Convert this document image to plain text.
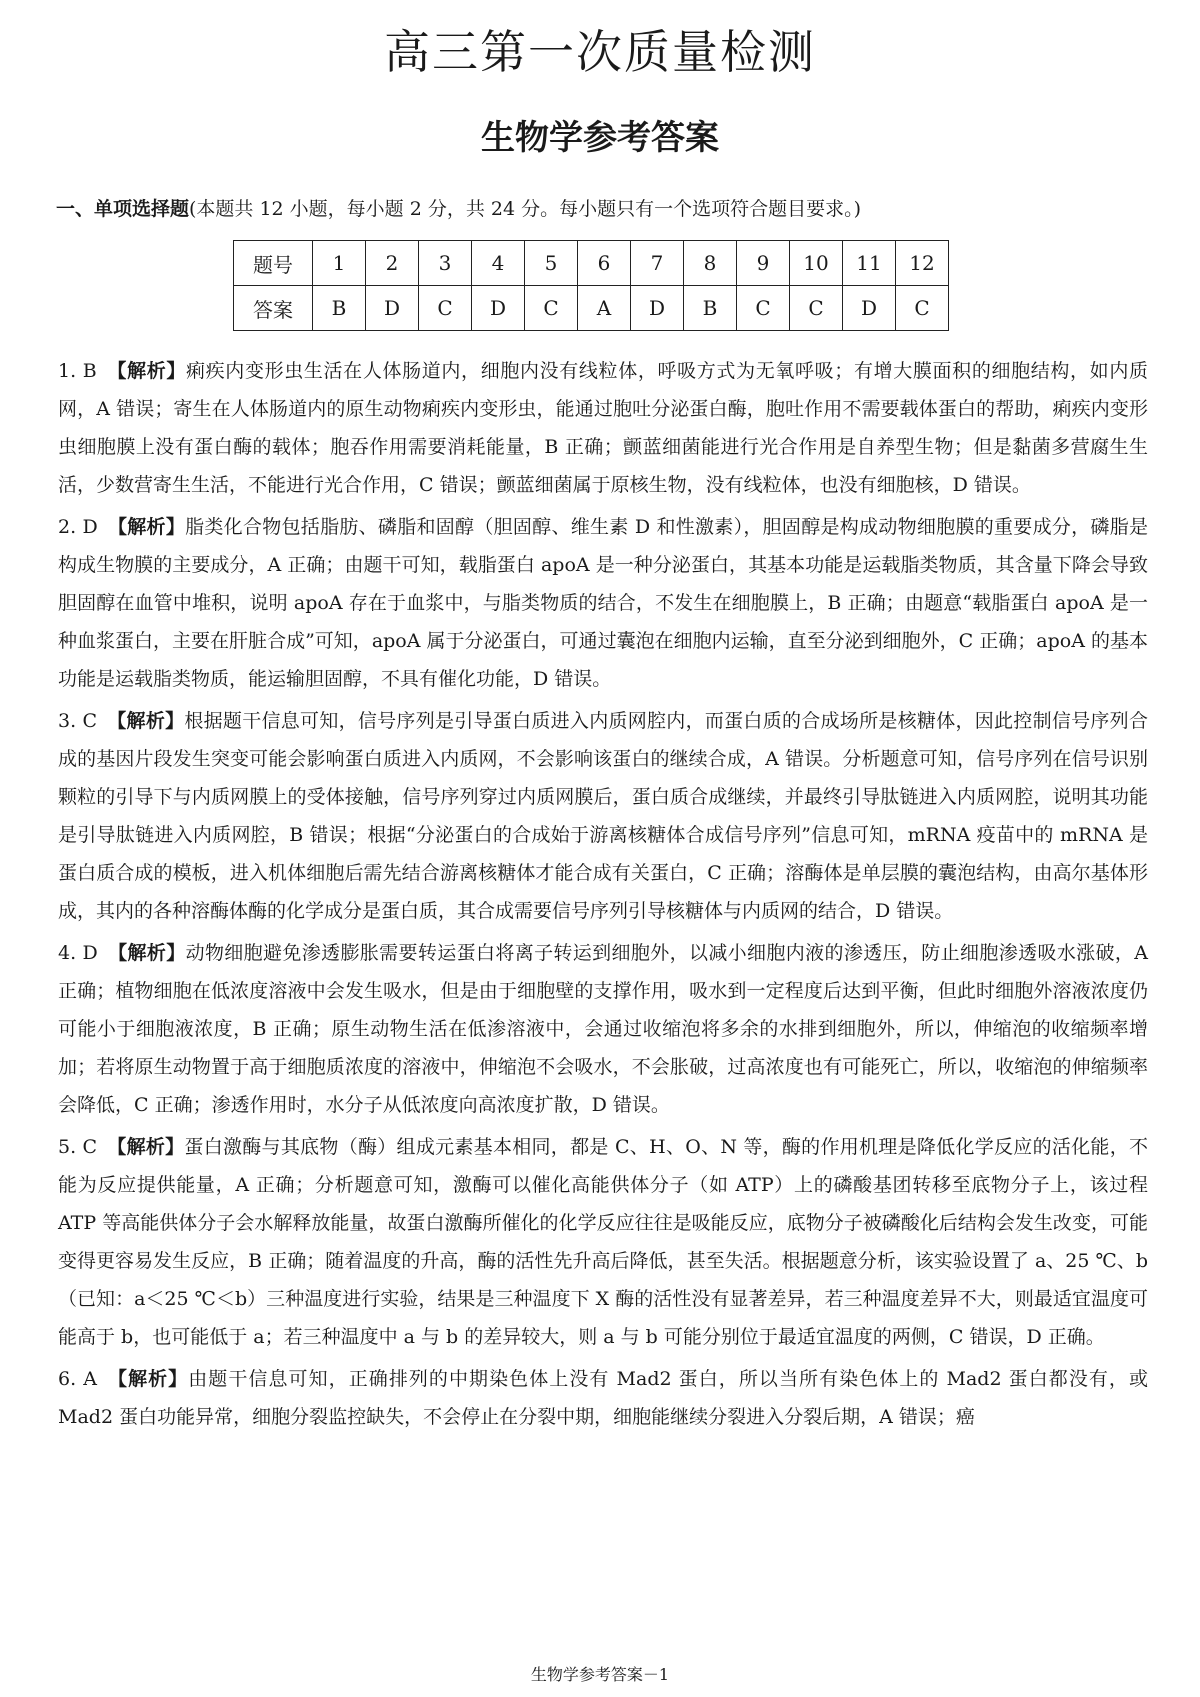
高三第一次质量检测
生物学参考答案
一、单项选择题(本题共 12 小题，每小题 2 分，共 24 分。每小题只有一个选项符合题目要求。)
题号	1	2	3	4	5	6	7	8	9	10	11	12
答案	B	D	C	D	C	A	D	B	C	C	D	C

1. B 【解析】痢疾内变形虫生活在人体肠道内，细胞内没有线粒体，呼吸方式为无氧呼吸；有增大膜面积的细胞结构，如内质网，A 错误；寄生在人体肠道内的原生动物痢疾内变形虫，能通过胞吐分泌蛋白酶，胞吐作用不需要载体蛋白的帮助，痢疾内变形虫细胞膜上没有蛋白酶的载体；胞吞作用需要消耗能量，B 正确；颤蓝细菌能进行光合作用是自养型生物；但是黏菌多营腐生生活，少数营寄生生活，不能进行光合作用，C 错误；颤蓝细菌属于原核生物，没有线粒体，也没有细胞核，D 错误。

2. D 【解析】脂类化合物包括脂肪、磷脂和固醇（胆固醇、维生素 D 和性激素），胆固醇是构成动物细胞膜的重要成分，磷脂是构成生物膜的主要成分，A 正确；由题干可知，载脂蛋白 apoA 是一种分泌蛋白，其基本功能是运载脂类物质，其含量下降会导致胆固醇在血管中堆积，说明 apoA 存在于血浆中，与脂类物质的结合，不发生在细胞膜上，B 正确；由题意“载脂蛋白 apoA 是一种血浆蛋白，主要在肝脏合成”可知，apoA 属于分泌蛋白，可通过囊泡在细胞内运输，直至分泌到细胞外，C 正确；apoA 的基本功能是运载脂类物质，能运输胆固醇，不具有催化功能，D 错误。

3. C 【解析】根据题干信息可知，信号序列是引导蛋白质进入内质网腔内，而蛋白质的合成场所是核糖体，因此控制信号序列合成的基因片段发生突变可能会影响蛋白质进入内质网，不会影响该蛋白的继续合成，A 错误。分析题意可知，信号序列在信号识别颗粒的引导下与内质网膜上的受体接触，信号序列穿过内质网膜后，蛋白质合成继续，并最终引导肽链进入内质网腔，说明其功能是引导肽链进入内质网腔，B 错误；根据“分泌蛋白的合成始于游离核糖体合成信号序列”信息可知，mRNA 疫苗中的 mRNA 是蛋白质合成的模板，进入机体细胞后需先结合游离核糖体才能合成有关蛋白，C 正确；溶酶体是单层膜的囊泡结构，由高尔基体形成，其内的各种溶酶体酶的化学成分是蛋白质，其合成需要信号序列引导核糖体与内质网的结合，D 错误。

4. D 【解析】动物细胞避免渗透膨胀需要转运蛋白将离子转运到细胞外，以减小细胞内液的渗透压，防止细胞渗透吸水涨破，A 正确；植物细胞在低浓度溶液中会发生吸水，但是由于细胞壁的支撑作用，吸水到一定程度后达到平衡，但此时细胞外溶液浓度仍可能小于细胞液浓度，B 正确；原生动物生活在低渗溶液中，会通过收缩泡将多余的水排到细胞外，所以，伸缩泡的收缩频率增加；若将原生动物置于高于细胞质浓度的溶液中，伸缩泡不会吸水，不会胀破，过高浓度也有可能死亡，所以，收缩泡的伸缩频率会降低，C 正确；渗透作用时，水分子从低浓度向高浓度扩散，D 错误。

5. C 【解析】蛋白激酶与其底物（酶）组成元素基本相同，都是 C、H、O、N 等，酶的作用机理是降低化学反应的活化能，不能为反应提供能量，A 正确；分析题意可知，激酶可以催化高能供体分子（如 ATP）上的磷酸基团转移至底物分子上，该过程 ATP 等高能供体分子会水解释放能量，故蛋白激酶所催化的化学反应往往是吸能反应，底物分子被磷酸化后结构会发生改变，可能变得更容易发生反应，B 正确；随着温度的升高，酶的活性先升高后降低，甚至失活。根据题意分析，该实验设置了 a、25 ℃、b（已知：a＜25 ℃＜b）三种温度进行实验，结果是三种温度下 X 酶的活性没有显著差异，若三种温度差异不大，则最适宜温度可能高于 b，也可能低于 a；若三种温度中 a 与 b 的差异较大，则 a 与 b 可能分别位于最适宜温度的两侧，C 错误，D 正确。

6. A 【解析】由题干信息可知，正确排列的中期染色体上没有 Mad2 蛋白，所以当所有染色体上的 Mad2 蛋白都没有，或 Mad2 蛋白功能异常，细胞分裂监控缺失，不会停止在分裂中期，细胞能继续分裂进入分裂后期，A 错误；癌

生物学参考答案－1
